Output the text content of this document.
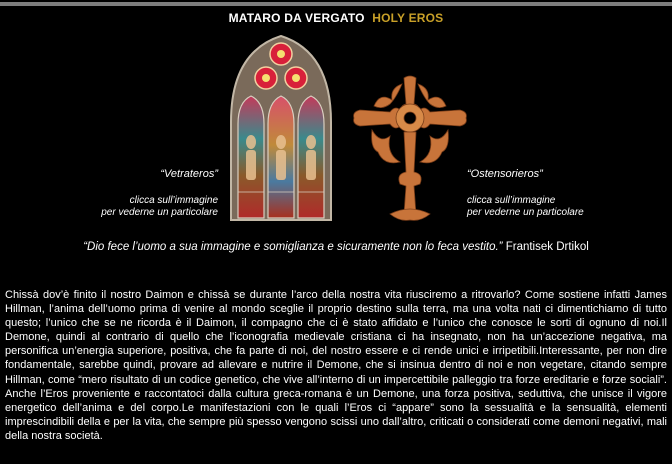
MATARO DA VERGATO HOLY EROS
“Vetrateros”
clicca sull’immagine
per vederne un particolare
“Ostensorieros”
clicca sull’immagine
per vederne un particolare
“Dio fece l’uomo a sua immagine e somiglianza e sicuramente non lo feca vestito.” Frantisek Drtikol
Chissà dov’è finito il nostro Daimon e chissà se durante l’arco della nostra vita riusciremo a ritrovarlo? Come sostiene infatti James Hillman, l’anima dell’uomo prima di venire al mondo sceglie il proprio destino sulla terra, ma una volta nati ci dimentichiamo di tutto questo; l’unico che se ne ricorda è il Daimon, il compagno che ci è stato affidato e l’unico che conosce le sorti di ognuno di noi.Il Demone, quindi al contrario di quello che l’iconografia medievale cristiana ci ha insegnato, non ha un’accezione negativa, ma personifica un’energia superiore, positiva, che fa parte di noi, del nostro essere e ci rende unici e irripetibili.Interessante, per non dire fondamentale, sarebbe quindi, provare ad allevare e nutrire il Demone, che si insinua dentro di noi e non vegetare, citando sempre Hillman, come “mero risultato di un codice genetico, che vive all’interno di un impercettibile palleggio tra forze ereditarie e forze sociali”. Anche l’Eros proveniente e raccontatoci dalla cultura greca-romana è un Demone, una forza positiva, seduttiva, che unisce il vigore energetico dell’anima e del corpo.Le manifestazioni con le quali l’Eros ci “appare” sono la sessualità e la sensualità, elementi imprescindibili della e per la vita, che sempre più spesso vengono scissi uno dall’altro, criticati o considerati come demoni negativi, mali della nostra società.
